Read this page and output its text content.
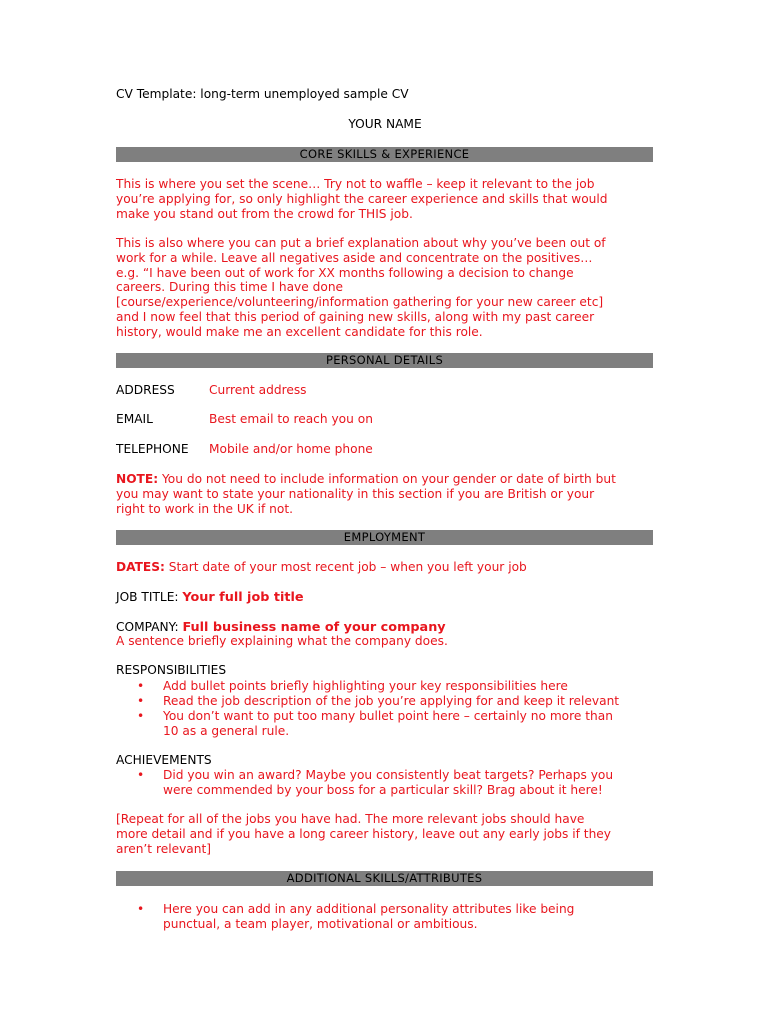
CV Template: long-term unemployed sample CV
YOUR NAME
CORE SKILLS & EXPERIENCE
This is where you set the scene… Try not to waffle – keep it relevant to the job
you’re applying for, so only highlight the career experience and skills that would
make you stand out from the crowd for THIS job.
This is also where you can put a brief explanation about why you’ve been out of
work for a while. Leave all negatives aside and concentrate on the positives…
e.g. “I have been out of work for XX months following a decision to change
careers. During this time I have done
[course/experience/volunteering/information gathering for your new career etc]
and I now feel that this period of gaining new skills, along with my past career
history, would make me an excellent candidate for this role.
PERSONAL DETAILS
ADDRESS	Current address
EMAIL	Best email to reach you on
TELEPHONE Mobile and/or home phone
NOTE: You do not need to include information on your gender or date of birth but
you may want to state your nationality in this section if you are British or your
right to work in the UK if not.
EMPLOYMENT
DATES: Start date of your most recent job – when you left your job
JOB TITLE: Your full job title
COMPANY: Full business name of your company
A sentence briefly explaining what the company does.
RESPONSIBILITIES
• Add bullet points briefly highlighting your key responsibilities here
• Read the job description of the job you’re applying for and keep it relevant
• You don’t want to put too many bullet point here – certainly no more than
10 as a general rule.
ACHIEVEMENTS
• Did you win an award? Maybe you consistently beat targets? Perhaps you
were commended by your boss for a particular skill? Brag about it here!
[Repeat for all of the jobs you have had. The more relevant jobs should have
more detail and if you have a long career history, leave out any early jobs if they
aren’t relevant]
ADDITIONAL SKILLS/ATTRIBUTES
• Here you can add in any additional personality attributes like being
punctual, a team player, motivational or ambitious.
